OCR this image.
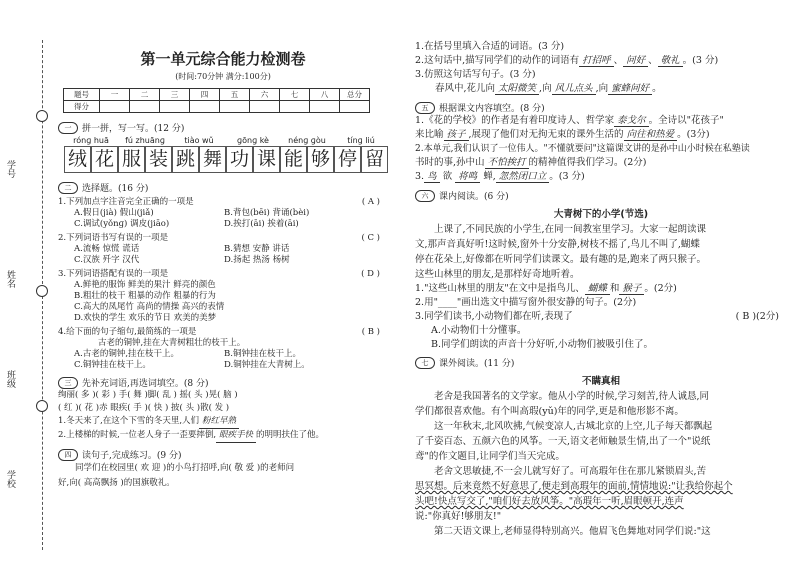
学号
姓名
班级
学校
第一单元综合能力检测卷
(时间:70分钟 满分:100分)
题号	一	二	三	四	五	六	七	八	总分
得分									
一	拼一拼，写一写。(12 分)
rónɡ huā	fú zhuānɡ	tiào wǔ	ɡōnɡ kè	nénɡ ɡòu	tínɡ liú
绒 花 服 装 跳 舞 功 课 能 够 停 留
二	选择题。(16 分)
1.下列加点字注音完全正确的一项是	( A )
A.假日(jià) 假山(jiǎ)	B.背包(bēi) 背诵(bèi)
C.调试(yǒnɡ) 调皮(jiāo)	D.挨打(āi) 挨着(āi)
2.下列词语书写有误的一项是	( C )
A.流畅 惊慌 谎话	B.猜想 安静 讲话
C.汉族 歼字 汉代	D.扬起 热汤 杨树
3.下列词语搭配有误的一项是	( D )
A.鲜艳的服饰 鲜美的果汁 鲜亮的颜色
B.粗壮的枝干 粗暴的动作 粗暴的行为
C.高大的凤尾竹 高尚的情操 高兴的表情
D.欢快的学生 欢乐的节日 欢美的美梦
4.给下面的句子缩句,最简练的一项是	( B )
古老的铜钟,挂在大青树粗壮的枝干上。
A.古老的铜钟,挂在枝干上。	B.铜钟挂在枝干上。
C.铜钟挂在枝干上。	D.铜钟挂在大青树上。
三	先补充词语,再选词填空。(8 分)
绚丽( 多 )( 彩 ) 手( 舞 )脚( 乱 ) 摇( 头 )晃( 脑 )
( 红 )( 花 )赤 眼疾( 手 )( 快 ) 披( 头 )散( 发 )
1.冬天来了,在这个下雪的冬天里,人们 粉红早熟
2.上楼梯的时候,一位老人身子一歪要摔倒, 眼疾手快 的明明扶住了他。
四	读句子,完成练习。(9 分)
同学们在校园里( 欢 迎 )的小鸟打招呼,向( 敬 爱 )的老师问
好,向( 高高飘扬 )的国旗敬礼。
1.在括号里填入合适的词语。(3 分)
2.这句话中,描写同学们的动作的词语有 打招呼 、 问好 、 敬礼 。(3 分)
3.仿照这句话写句子。(3 分)
春风中,花儿向 太阳微笑 ,向 风儿点头 ,向 蜜蜂问好 。
五	根据课文内容填空。(8 分)
1.《花的学校》的作者是有着印度诗人、哲学家 泰戈尔 。全诗以"花孩子"
来比喻 孩子 ,展现了他们对无拘无束的课外生活的 向往和热爱 。(3分)
2.本单元,我们认识了一位伟人。"不懂就要问"这篇课文讲的是孙中山小时候在私塾读
书时的事,孙中山 不怕挨打 的精神值得我们学习。(2分)
3. 鸟 欲 将鸣 蝉, 忽然闭口立 。(3 分)
六	课内阅读。(6 分)
大青树下的小学(节选)
上课了,不同民族的小学生,在同一间教室里学习。大家一起朗读课
文,那声音真好听!这时候,窗外十分安静,树枝不摇了,鸟儿不叫了,蝴蝶
停在花朵上,好像都在听同学们读课文。最有趣的是,跑来了两只猴子。
这些山林里的朋友,是那样好奇地听着。
1."这些山林里的朋友"在文中是指鸟儿、 蝴蝶 和 猴子 。(2分)
2.用"____"画出选文中描写窗外很安静的句子。(2分)
3.同学们读书,小动物们都在听,表现了	( B )(2分)
A.小动物们十分懂事。
B.同学们朗读的声音十分好听,小动物们被吸引住了。
七	课外阅读。(11 分)
不瞒真相
老舍是我国著名的文学家。他从小学的时候,学习刻苦,待人诚恳,同
学们都很喜欢他。有个叫高瑕(yǔ)年的同学,更是和他形影不离。
这一年秋末,北风吹拂,气候变凉人,古城北京的上空,儿子每天都飘起
了千姿百态、五颜六色的风筝。一天,语文老师触景生情,出了一个"说纸
鸢"的作文题目,让同学们当天完成。
老舍文思敏捷,不一会儿就写好了。可高瑕年住在那儿紧锁眉头,苦
思冥想。后来竟然不好意思了,便走到高瑕年的面前,情情地说:"让我给你起个
头吧!快点写交了,"咱们好去放风筝。"高瑕年一听,眉眼顿开,连声
说:"你真好!够朋友!"
第二天语文课上,老师显得特别高兴。他眉飞色舞地对同学们说:"这
